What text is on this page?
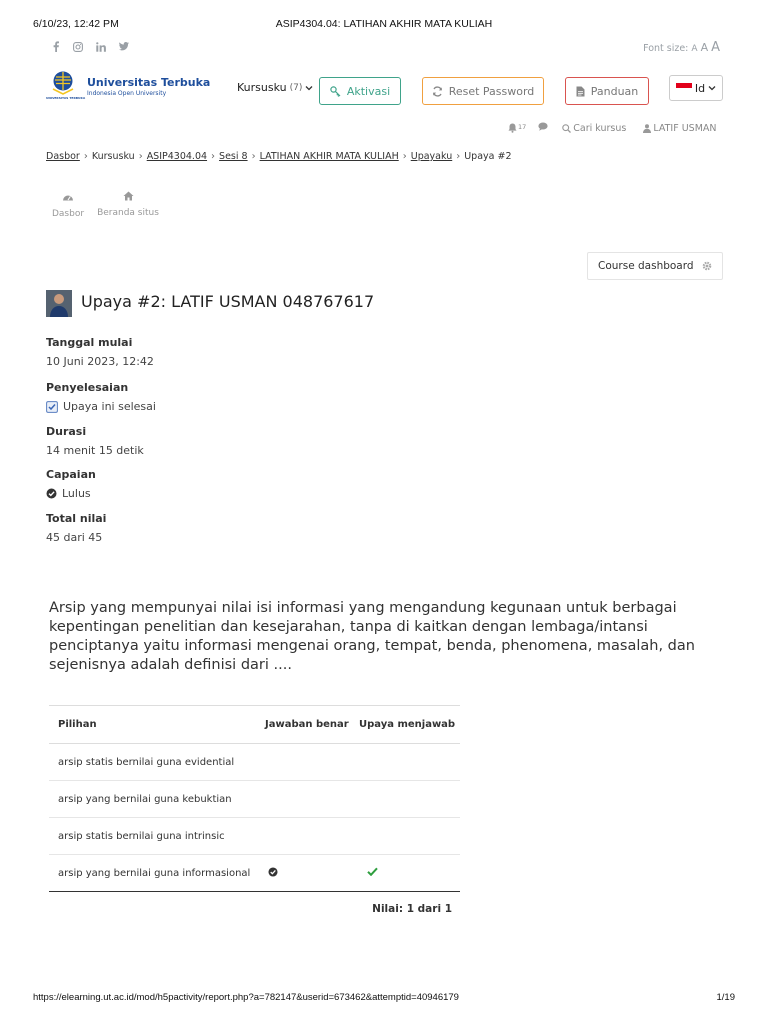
6/10/23, 12:42 PM	ASIP4304.04: LATIHAN AKHIR MATA KULIAH
Font size: A A A
UNIVERSITAS TERBUKA
Universitas Terbuka
Indonesia Open University	Kursusku (7)	Aktivasi	Reset Password	Panduan	Id
17	Cari kursus	LATIF USMAN
Dasbor › Kursusku › ASIP4304.04 › Sesi 8 › LATIHAN AKHIR MATA KULIAH › Upayaku › Upaya #2
Dasbor Beranda situs
Course dashboard
Upaya #2: LATIF USMAN 048767617
Tanggal mulai
10 Juni 2023, 12:42
Penyelesaian
Upaya ini selesai
Durasi
14 menit 15 detik
Capaian
Lulus
Total nilai
45 dari 45
Arsip yang mempunyai nilai isi informasi yang mengandung kegunaan untuk berbagai kepentingan penelitian dan kesejarahan, tanpa di kaitkan dengan lembaga/intansi penciptanya yaitu informasi mengenai orang, tempat, benda, phenomena, masalah, dan sejenisnya adalah definisi dari ....
Pilihan	Jawaban benar	Upaya menjawab
arsip statis bernilai guna evidential		
arsip yang bernilai guna kebuktian		
arsip statis bernilai guna intrinsic		
arsip yang bernilai guna informasional		
Nilai: 1 dari 1
https://elearning.ut.ac.id/mod/h5pactivity/report.php?a=782147&userid=673462&attemptid=40946179	1/19
